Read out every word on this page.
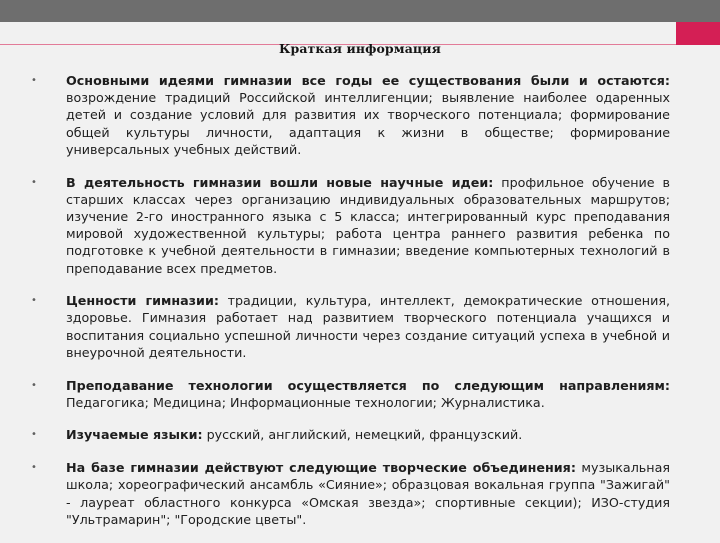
Краткая информация
• Основными идеями гимназии все годы ее существования были и остаются: возрождение традиций Российской интеллигенции; выявление наиболее одаренных детей и создание условий для развития их творческого потенциала; формирование общей культуры личности, адаптация к жизни в обществе; формирование универсальных учебных действий.
• В деятельность гимназии вошли новые научные идеи: профильное обучение в старших классах через организацию индивидуальных образовательных маршрутов; изучение 2-го иностранного языка с 5 класса; интегрированный курс преподавания мировой художественной культуры; работа центра раннего развития ребенка по подготовке к учебной деятельности в гимназии; введение компьютерных технологий в преподавание всех предметов.
• Ценности гимназии: традиции, культура, интеллект, демократические отношения, здоровье. Гимназия работает над развитием творческого потенциала учащихся и воспитания социально успешной личности через создание ситуаций успеха в учебной и внеурочной деятельности.
• Преподавание технологии осуществляется по следующим направлениям: Педагогика; Медицина; Информационные технологии; Журналистика.
• Изучаемые языки: русский, английский, немецкий, французский.
• На базе гимназии действуют следующие творческие объединения: музыкальная школа; хореографический ансамбль «Сияние»; образцовая вокальная группа "Зажигай" - лауреат областного конкурса «Омская звезда»; спортивные секции); ИЗО-студия "Ультрамарин"; "Городские цветы".
